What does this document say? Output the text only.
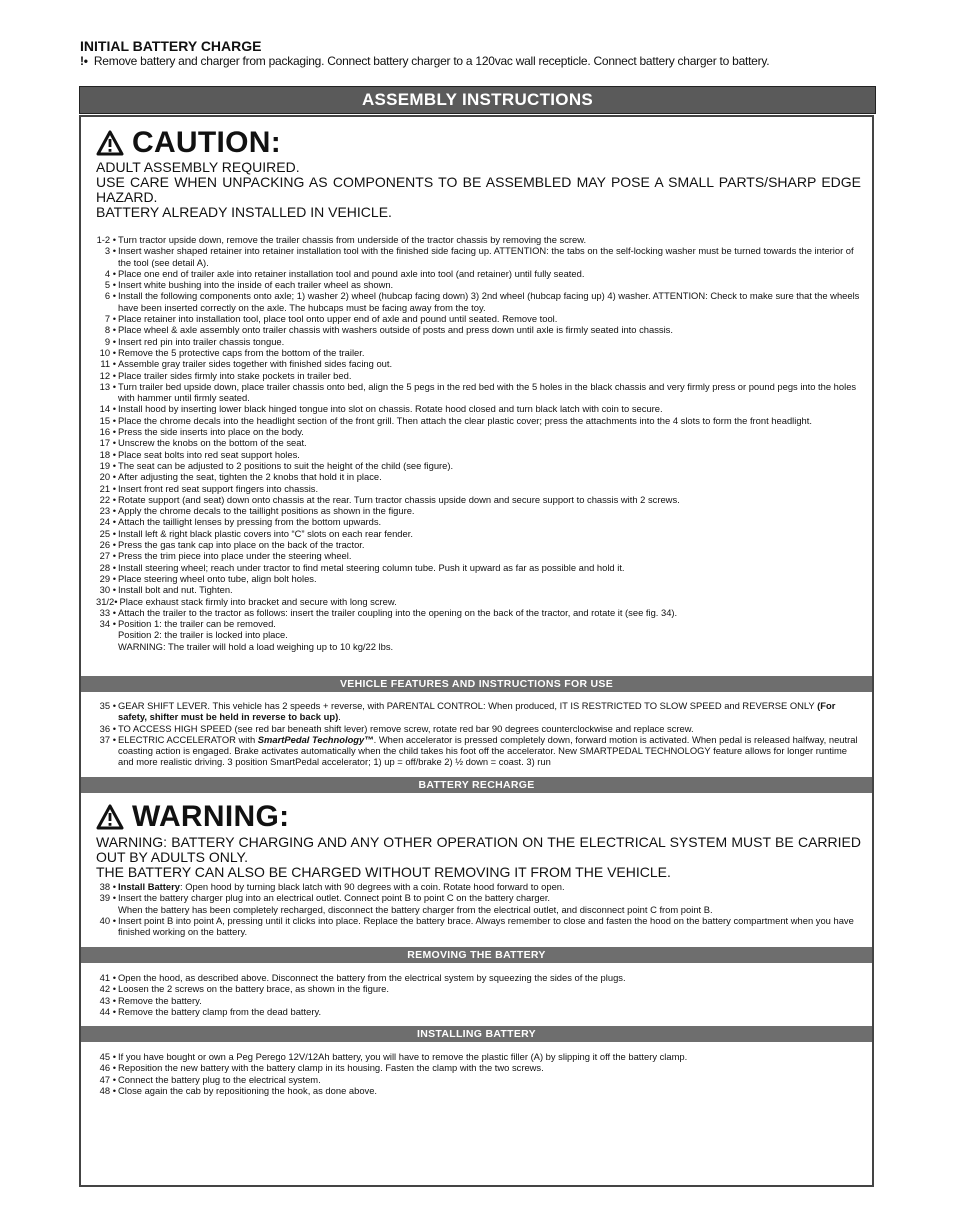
INITIAL BATTERY CHARGE
!• Remove battery and charger from packaging. Connect battery charger to a 120vac wall recepticle. Connect battery charger to battery.
ASSEMBLY INSTRUCTIONS
CAUTION:
ADULT ASSEMBLY REQUIRED.
USE CARE WHEN UNPACKING AS COMPONENTS TO BE ASSEMBLED MAY POSE A SMALL PARTS/SHARP EDGE HAZARD.
BATTERY ALREADY INSTALLED IN VEHICLE.
1-2 • Turn tractor upside down, remove the trailer chassis from underside of the tractor chassis by removing the screw.
3 • Insert washer shaped retainer into retainer installation tool with the finished side facing up. ATTENTION: the tabs on the self-locking washer must be turned towards the interior of the tool (see detail A).
4 • Place one end of trailer axle into retainer installation tool and pound axle into tool (and retainer) until fully seated.
5 • Insert white bushing into the inside of each trailer wheel as shown.
6 • Install the following components onto axle; 1) washer 2) wheel (hubcap facing down) 3) 2nd wheel (hubcap facing up) 4) washer. ATTENTION: Check to make sure that the wheels have been inserted correctly on the axle. The hubcaps must be facing away from the toy.
7 • Place retainer into installation tool, place tool onto upper end of axle and pound until seated. Remove tool.
8 • Place wheel & axle assembly onto trailer chassis with washers outside of posts and press down until axle is firmly seated into chassis.
9 • Insert red pin into trailer chassis tongue.
10 • Remove the 5 protective caps from the bottom of the trailer.
11 • Assemble gray trailer sides together with finished sides facing out.
12 • Place trailer sides firmly into stake pockets in trailer bed.
13 • Turn trailer bed upside down, place trailer chassis onto bed, align the 5 pegs in the red bed with the 5 holes in the black chassis and very firmly press or pound pegs into the holes with hammer until firmly seated.
14 • Install hood by inserting lower black hinged tongue into slot on chassis. Rotate hood closed and turn black latch with coin to secure.
15 • Place the chrome decals into the headlight section of the front grill. Then attach the clear plastic cover; press the attachments into the 4 slots to form the front headlight.
16 • Press the side inserts into place on the body.
17 • Unscrew the knobs on the bottom of the seat.
18 • Place seat bolts into red seat support holes.
19 • The seat can be adjusted to 2 positions to suit the height of the child (see figure).
20 • After adjusting the seat, tighten the 2 knobs that hold it in place.
21 • Insert front red seat support fingers into chassis.
22 • Rotate support (and seat) down onto chassis at the rear. Turn tractor chassis upside down and secure support to chassis with 2 screws.
23 • Apply the chrome decals to the taillight positions as shown in the figure.
24 • Attach the taillight lenses by pressing from the bottom upwards.
25 • Install left & right black plastic covers into “C” slots on each rear fender.
26 • Press the gas tank cap into place on the back of the tractor.
27 • Press the trim piece into place under the steering wheel.
28 • Install steering wheel; reach under tractor to find metal steering column tube. Push it upward as far as possible and hold it.
29 • Place steering wheel onto tube, align bolt holes.
30 • Install bolt and nut. Tighten.
31/2• Place exhaust stack firmly into bracket and secure with long screw.
33 • Attach the trailer to the tractor as follows: insert the trailer coupling into the opening on the back of the tractor, and rotate it (see fig. 34).
34 • Position 1: the trailer can be removed.
Position 2: the trailer is locked into place.
WARNING: The trailer will hold a load weighing up to 10 kg/22 lbs.
VEHICLE FEATURES AND INSTRUCTIONS FOR USE
35 • GEAR SHIFT LEVER. This vehicle has 2 speeds + reverse, with PARENTAL CONTROL: When produced, IT IS RESTRICTED TO SLOW SPEED and REVERSE ONLY (For safety, shifter must be held in reverse to back up).
36 • TO ACCESS HIGH SPEED (see red bar beneath shift lever) remove screw, rotate red bar 90 degrees counterclockwise and replace screw.
37 • ELECTRIC ACCELERATOR with SmartPedal Technology™. When accelerator is pressed completely down, forward motion is activated. When pedal is released halfway, neutral coasting action is engaged. Brake activates automatically when the child takes his foot off the accelerator. New SMARTPEDAL TECHNOLOGY feature allows for longer runtime and more realistic driving. 3 position SmartPedal accelerator; 1) up = off/brake 2) ½ down = coast. 3) run
BATTERY RECHARGE
WARNING:
WARNING: BATTERY CHARGING AND ANY OTHER OPERATION ON THE ELECTRICAL SYSTEM MUST BE CARRIED OUT BY ADULTS ONLY.
THE BATTERY CAN ALSO BE CHARGED WITHOUT REMOVING IT FROM THE VEHICLE.
38 • Install Battery: Open hood by turning black latch with 90 degrees with a coin. Rotate hood forward to open.
39 • Insert the battery charger plug into an electrical outlet. Connect point B to point C on the battery charger.
When the battery has been completely recharged, disconnect the battery charger from the electrical outlet, and disconnect point C from point B.
40 • Insert point B into point A, pressing until it clicks into place. Replace the battery brace. Always remember to close and fasten the hood on the battery compartment when you have finished working on the battery.
REMOVING THE BATTERY
41 • Open the hood, as described above. Disconnect the battery from the electrical system by squeezing the sides of the plugs.
42 • Loosen the 2 screws on the battery brace, as shown in the figure.
43 • Remove the battery.
44 • Remove the battery clamp from the dead battery.
INSTALLING BATTERY
45 • If you have bought or own a Peg Perego 12V/12Ah battery, you will have to remove the plastic filler (A) by slipping it off the battery clamp.
46 • Reposition the new battery with the battery clamp in its housing. Fasten the clamp with the two screws.
47 • Connect the battery plug to the electrical system.
48 • Close again the cab by repositioning the hook, as done above.
